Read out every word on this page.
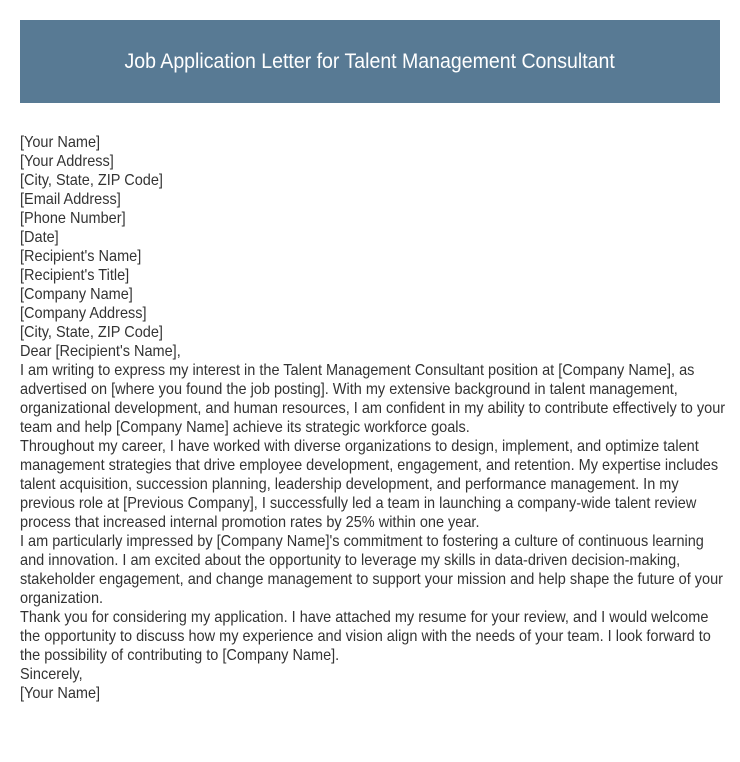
Job Application Letter for Talent Management Consultant

[Your Name]
[Your Address]
[City, State, ZIP Code]
[Email Address]
[Phone Number]
[Date]
[Recipient's Name]
[Recipient's Title]
[Company Name]
[Company Address]
[City, State, ZIP Code]
Dear [Recipient's Name],

I am writing to express my interest in the Talent Management Consultant position at [Company Name], as advertised on [where you found the job posting]. With my extensive background in talent management, organizational development, and human resources, I am confident in my ability to contribute effectively to your team and help [Company Name] achieve its strategic workforce goals.

Throughout my career, I have worked with diverse organizations to design, implement, and optimize talent management strategies that drive employee development, engagement, and retention. My expertise includes talent acquisition, succession planning, leadership development, and performance management. In my previous role at [Previous Company], I successfully led a team in launching a company-wide talent review process that increased internal promotion rates by 25% within one year.

I am particularly impressed by [Company Name]'s commitment to fostering a culture of continuous learning and innovation. I am excited about the opportunity to leverage my skills in data-driven decision-making, stakeholder engagement, and change management to support your mission and help shape the future of your organization.

Thank you for considering my application. I have attached my resume for your review, and I would welcome the opportunity to discuss how my experience and vision align with the needs of your team. I look forward to the possibility of contributing to [Company Name].

Sincerely,
[Your Name]
